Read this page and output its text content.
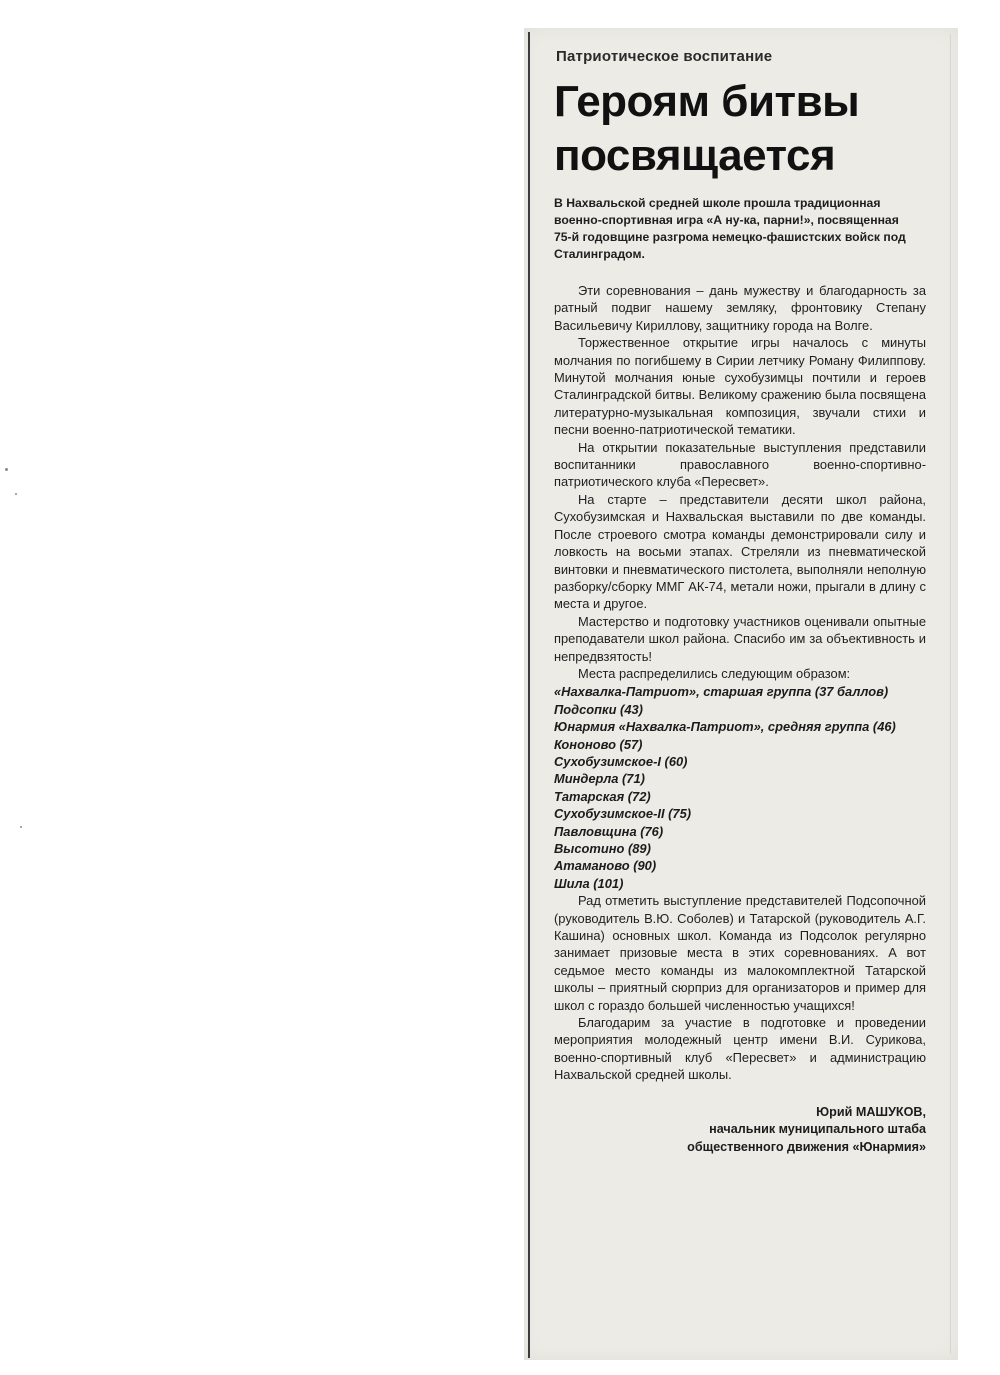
Патриотическое воспитание
Героям битвы посвящается
В Нахвальской средней школе прошла традиционная военно-спортивная игра «А ну-ка, парни!», посвященная 75-й годовщине разгрома немецко-фашистских войск под Сталинградом.

Эти соревнования – дань мужеству и благодарность за ратный подвиг нашему земляку, фронтовику Степану Васильевичу Кириллову, защитнику города на Волге.

Торжественное открытие игры началось с минуты молчания по погибшему в Сирии летчику Роману Филиппову. Минутой молчания юные сухобузимцы почтили и героев Сталинградской битвы. Великому сражению была посвящена литературно-музыкальная композиция, звучали стихи и песни военно-патриотической тематики.

На открытии показательные выступления представили воспитанники православного военно-спортивно-патриотического клуба «Пересвет».

На старте – представители десяти школ района, Сухобузимская и Нахвальская выставили по две команды. После строевого смотра команды демонстрировали силу и ловкость на восьми этапах. Стреляли из пневматической винтовки и пневматического пистолета, выполняли неполную разборку/сборку ММГ АК-74, метали ножи, прыгали в длину с места и другое.

Мастерство и подготовку участников оценивали опытные преподаватели школ района. Спасибо им за объективность и непредвзятость!

Места распределились следующим образом:

«Нахвалка-Патриот», старшая группа (37 баллов)
Подсопки (43)
Юнармия «Нахвалка-Патриот», средняя группа (46)
Кононово (57)
Сухобузимское-I (60)
Миндерла (71)
Татарская (72)
Сухобузимское-II (75)
Павловщина (76)
Высотино (89)
Атаманово (90)
Шила (101)

Рад отметить выступление представителей Подсопочной (руководитель В.Ю. Соболев) и Татарской (руководитель А.Г. Кашина) основных школ. Команда из Подсолок регулярно занимает призовые места в этих соревнованиях. А вот седьмое место команды из малокомплектной Татарской школы – приятный сюрприз для организаторов и пример для школ с гораздо большей численностью учащихся!

Благодарим за участие в подготовке и проведении мероприятия молодежный центр имени В.И. Сурикова, военно-спортивный клуб «Пересвет» и администрацию Нахвальской средней школы.

Юрий МАШУКОВ,
начальник муниципального штаба
общественного движения «Юнармия»
